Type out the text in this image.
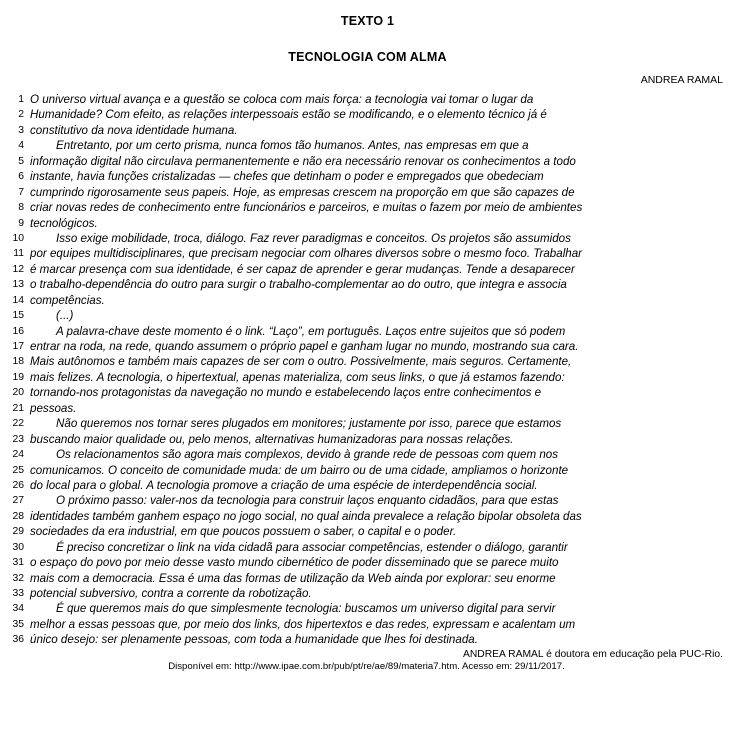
TEXTO 1
TECNOLOGIA COM ALMA
ANDREA RAMAL
1 O universo virtual avança e a questão se coloca com mais força: a tecnologia vai tomar o lugar da
2 Humanidade? Com efeito, as relações interpessoais estão se modificando, e o elemento técnico já é
3 constitutivo da nova identidade humana.
4	Entretanto, por um certo prisma, nunca fomos tão humanos. Antes, nas empresas em que a
5 informação digital não circulava permanentemente e não era necessário renovar os conhecimentos a todo
6 instante, havia funções cristalizadas — chefes que detinham o poder e empregados que obedeciam
7 cumprindo rigorosamente seus papeis. Hoje, as empresas crescem na proporção em que são capazes de
8 criar novas redes de conhecimento entre funcionários e parceiros, e muitas o fazem por meio de ambientes
9 tecnológicos.
10	Isso exige mobilidade, troca, diálogo. Faz rever paradigmas e conceitos. Os projetos são assumidos
11 por equipes multidisciplinares, que precisam negociar com olhares diversos sobre o mesmo foco. Trabalhar
12 é marcar presença com sua identidade, é ser capaz de aprender e gerar mudanças. Tende a desaparecer
13 o trabalho-dependência do outro para surgir o trabalho-complementar ao do outro, que integra e associa
14 competências.
15	(...)
16	A palavra-chave deste momento é o link. “Laço”, em português. Laços entre sujeitos que só podem
17 entrar na roda, na rede, quando assumem o próprio papel e ganham lugar no mundo, mostrando sua cara.
18 Mais autônomos e também mais capazes de ser com o outro. Possivelmente, mais seguros. Certamente,
19 mais felizes. A tecnologia, o hipertextual, apenas materializa, com seus links, o que já estamos fazendo:
20 tornando-nos protagonistas da navegação no mundo e estabelecendo laços entre conhecimentos e
21 pessoas.
22	Não queremos nos tornar seres plugados em monitores; justamente por isso, parece que estamos
23 buscando maior qualidade ou, pelo menos, alternativas humanizadoras para nossas relações.
24	Os relacionamentos são agora mais complexos, devido à grande rede de pessoas com quem nos
25 comunicamos. O conceito de comunidade muda: de um bairro ou de uma cidade, ampliamos o horizonte
26 do local para o global. A tecnologia promove a criação de uma espécie de interdependência social.
27	O próximo passo: valer-nos da tecnologia para construir laços enquanto cidadãos, para que estas
28 identidades também ganhem espaço no jogo social, no qual ainda prevalece a relação bipolar obsoleta das
29 sociedades da era industrial, em que poucos possuem o saber, o capital e o poder.
30	É preciso concretizar o link na vida cidadã para associar competências, estender o diálogo, garantir
31 o espaço do povo por meio desse vasto mundo cibernético de poder disseminado que se parece muito
32 mais com a democracia. Essa é uma das formas de utilização da Web ainda por explorar: seu enorme
33 potencial subversivo, contra a corrente da robotização.
34	É que queremos mais do que simplesmente tecnologia: buscamos um universo digital para servir
35 melhor a essas pessoas que, por meio dos links, dos hipertextos e das redes, expressam e acalentam um
36 único desejo: ser plenamente pessoas, com toda a humanidade que lhes foi destinada.
ANDREA RAMAL é doutora em educação pela PUC-Rio.
Disponível em: http://www.ipae.com.br/pub/pt/re/ae/89/materia7.htm. Acesso em: 29/11/2017.
